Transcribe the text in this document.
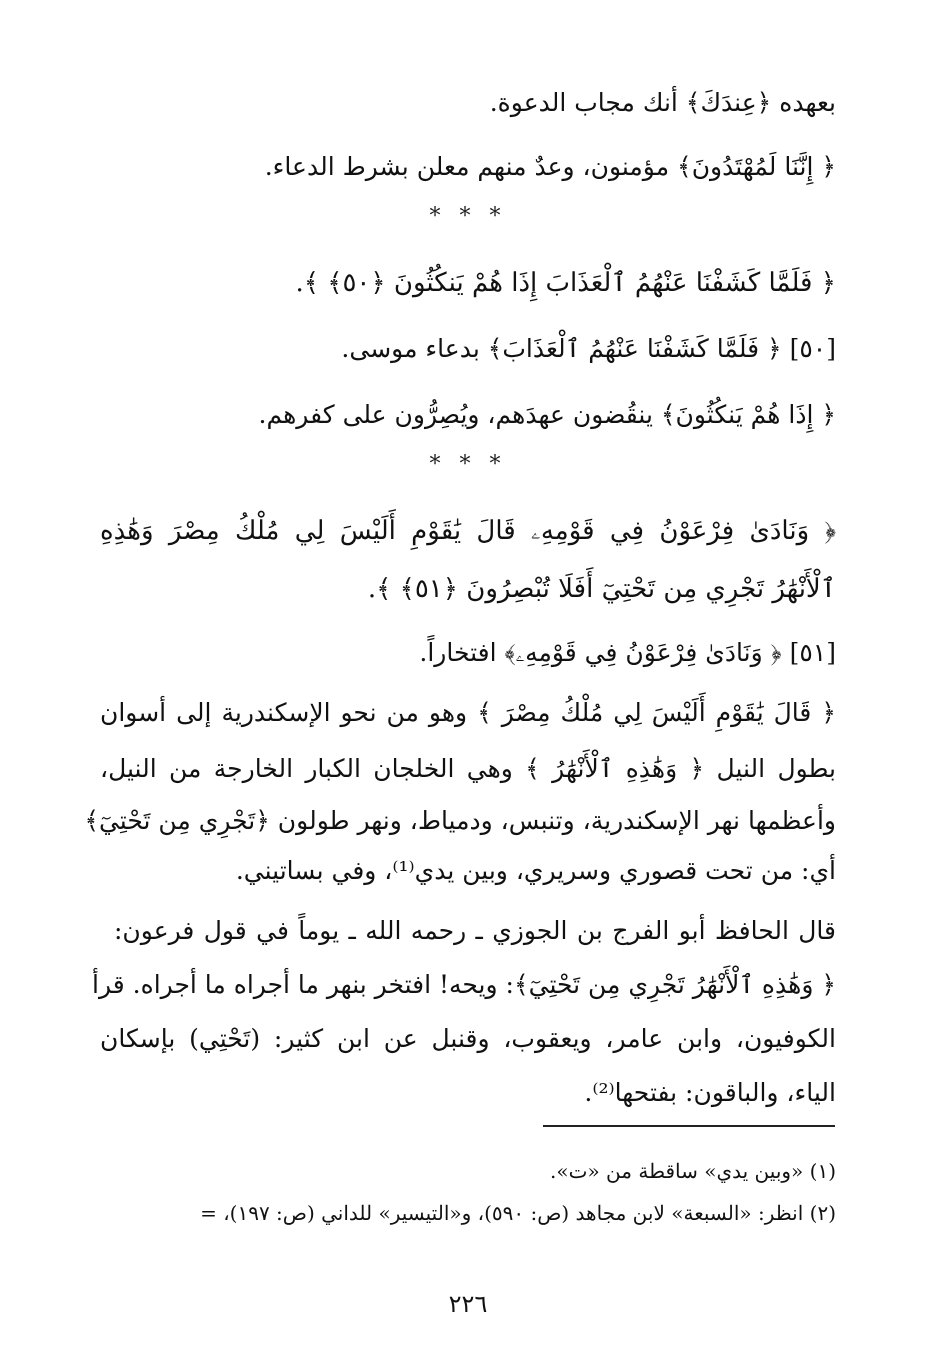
بعهده ﴿عِندَكَ﴾ أنك مجاب الدعوة.
﴿ إِنَّنَا لَمُهْتَدُونَ﴾ مؤمنون، وعدٌ منهم معلن بشرط الدعاء.
* * *
﴿ فَلَمَّا كَشَفْنَا عَنْهُمُ ٱلْعَذَابَ إِذَا هُمْ يَنكُثُونَ ﴿٥٠﴾ ﴾.
[٥٠] ﴿ فَلَمَّا كَشَفْنَا عَنْهُمُ ٱلْعَذَابَ﴾ بدعاء موسى.
﴿ إِذَا هُمْ يَنكُثُونَ﴾ ينقُضون عهدَهم، ويُصِرُّون على كفرهم.
* * *
﴿ وَنَادَىٰ فِرْعَوْنُ فِي قَوْمِهِۦ قَالَ يَٰقَوْمِ أَلَيْسَ لِي مُلْكُ مِصْرَ وَهَٰذِهِ
ٱلْأَنْهَٰرُ تَجْرِي مِن تَحْتِيٓ أَفَلَا تُبْصِرُونَ ﴿٥١﴾ ﴾.
[٥١] ﴿ وَنَادَىٰ فِرْعَوْنُ فِي قَوْمِهِۦ﴾ افتخاراً.
﴿ قَالَ يَٰقَوْمِ أَلَيْسَ لِي مُلْكُ مِصْرَ ﴾ وهو من نحو الإسكندرية إلى أسوان
بطول النيل ﴿ وَهَٰذِهِ ٱلْأَنْهَٰرُ ﴾ وهي الخلجان الكبار الخارجة من النيل،
وأعظمها نهر الإسكندرية، وتنبس، ودمياط، ونهر طولون ﴿تَجْرِي مِن تَحْتِيٓ﴾
أي: من تحت قصوري وسريري، وبين يدي⁽¹⁾، وفي بساتيني.
قال الحافظ أبو الفرج بن الجوزي ـ رحمه الله ـ يوماً في قول فرعون:
﴿ وَهَٰذِهِ ٱلْأَنْهَٰرُ تَجْرِي مِن تَحْتِيٓ﴾: ويحه! افتخر بنهر ما أجراه ما أجراه. قرأ
الكوفيون، وابن عامر، ويعقوب، وقنبل عن ابن كثير: (تَحْتِي) بإسكان
الياء، والباقون: بفتحها⁽²⁾.
(١) «وبين يدي» ساقطة من «ت».
(٢) انظر: «السبعة» لابن مجاهد (ص: ٥٩٠)، و«التيسير» للداني (ص: ١٩٧)، =
٢٢٦
